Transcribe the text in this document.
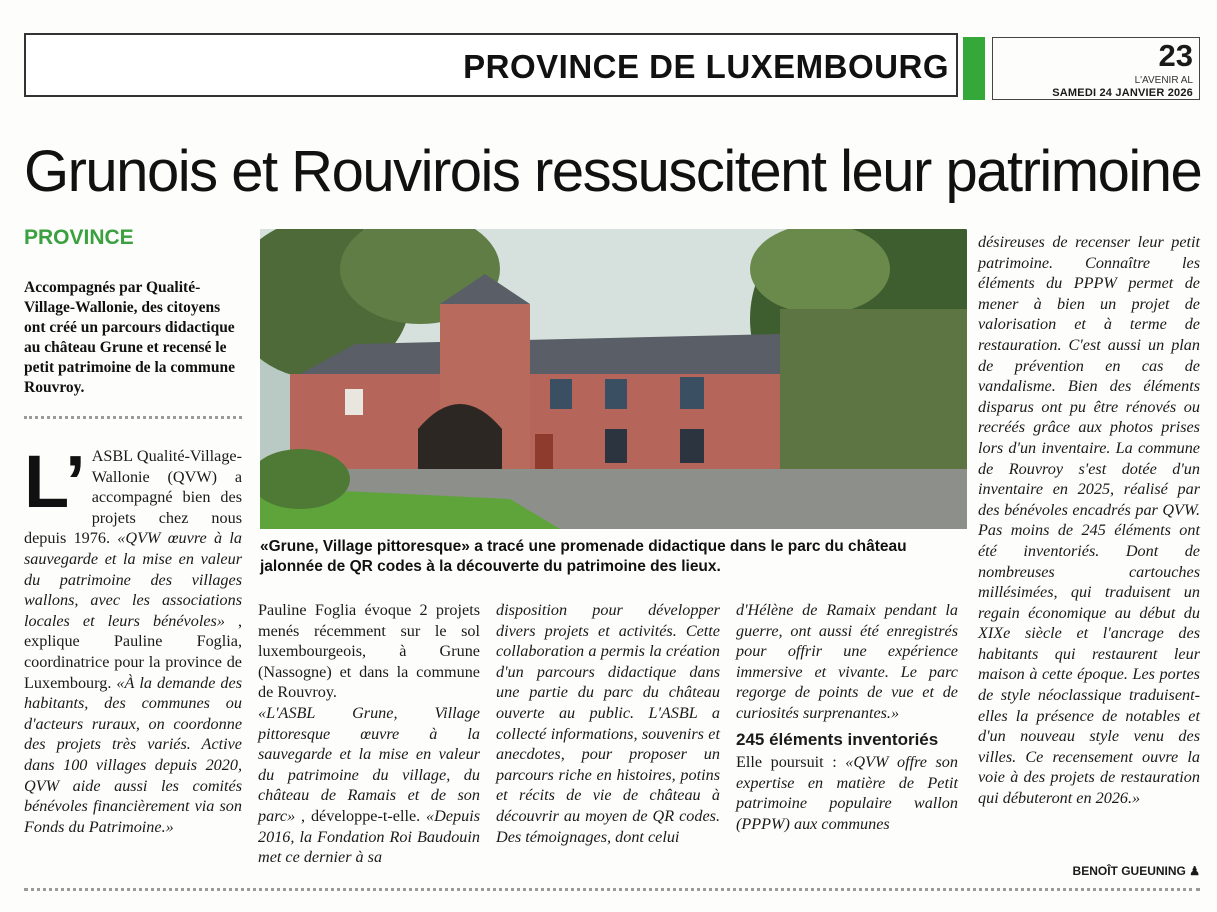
PROVINCE DE LUXEMBOURG	23
L'AVENIR AL
SAMEDI 24 JANVIER 2026
Grunois et Rouvirois ressuscitent leur patrimoine
PROVINCE
Accompagnés par Qualité-Village-Wallonie, des citoyens ont créé un parcours didactique au château Grune et recensé le petit patrimoine de la commune Rouvroy.

L’ ASBL Qualité-Village-Wallonie (QVW) a accompagné bien des projets chez nous depuis 1976. «QVW œuvre à la sauvegarde et la mise en valeur du patrimoine des villages wallons, avec les associations locales et leurs bénévoles» , explique Pauline Foglia, coordinatrice pour la province de Luxembourg. «À la demande des habitants, des communes ou d'acteurs ruraux, on coordonne des projets très variés. Active dans 100 villages depuis 2020, QVW aide aussi les comités bénévoles financièrement via son Fonds du Patrimoine.»

«Grune, Village pittoresque» a tracé une promenade didactique dans le parc du château jalonnée de QR codes à la découverte du patrimoine des lieux.

Pauline Foglia évoque 2 projets menés récemment sur le sol luxembourgeois, à Grune (Nassogne) et dans la commune de Rouvroy.

«L'ASBL Grune, Village pittoresque œuvre à la sauvegarde et la mise en valeur du patrimoine du village, du château de Ramais et de son parc» , développe-t-elle. «Depuis 2016, la Fondation Roi Baudouin met ce dernier à sa

disposition pour développer divers projets et activités. Cette collaboration a permis la création d'un parcours didactique dans une partie du parc du château ouverte au public. L'ASBL a collecté informations, souvenirs et anecdotes, pour proposer un parcours riche en histoires, potins et récits de vie de château à découvrir au moyen de QR codes. Des témoignages, dont celui

d'Hélène de Ramaix pendant la guerre, ont aussi été enregistrés pour offrir une expérience immersive et vivante. Le parc regorge de points de vue et de curiosités surprenantes.»

245 éléments inventoriés

Elle poursuit : «QVW offre son expertise en matière de Petit patrimoine populaire wallon (PPPW) aux communes

désireuses de recenser leur petit patrimoine. Connaître les éléments du PPPW permet de mener à bien un projet de valorisation et à terme de restauration. C'est aussi un plan de prévention en cas de vandalisme. Bien des éléments disparus ont pu être rénovés ou recréés grâce aux photos prises lors d'un inventaire. La commune de Rouvroy s'est dotée d'un inventaire en 2025, réalisé par des bénévoles encadrés par QVW. Pas moins de 245 éléments ont été inventoriés. Dont de nombreuses cartouches millésimées, qui traduisent un regain économique au début du XIXe siècle et l'ancrage des habitants qui restaurent leur maison à cette époque. Les portes de style néoclassique traduisent-elles la présence de notables et d'un nouveau style venu des villes. Ce recensement ouvre la voie à des projets de restauration qui débuteront en 2026.»

BENOÎT GUEUNING ♟
